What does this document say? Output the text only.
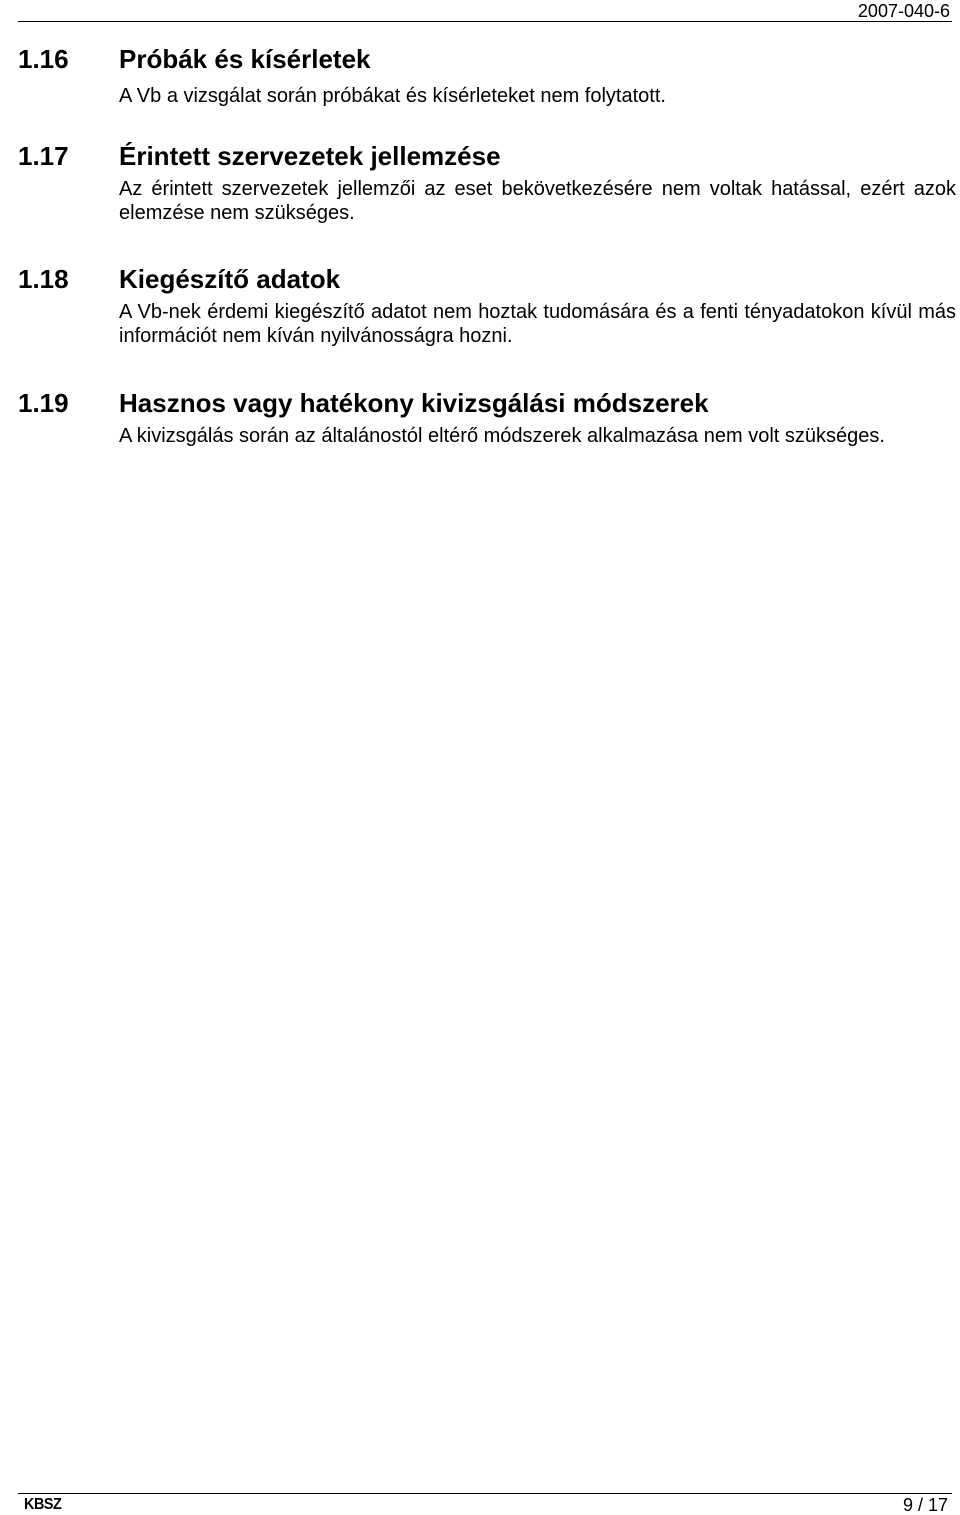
2007-040-6
1.16	Próbák és kísérletek

A Vb a vizsgálat során próbákat és kísérleteket nem folytatott.

1.17	Érintett szervezetek jellemzése

Az érintett szervezetek jellemzői az eset bekövetkezésére nem voltak hatással, ezért azok elemzése nem szükséges.

1.18	Kiegészítő adatok

A Vb-nek érdemi kiegészítő adatot nem hoztak tudomására és a fenti tényadatokon kívül más információt nem kíván nyilvánosságra hozni.

1.19	Hasznos vagy hatékony kivizsgálási módszerek

A kivizsgálás során az általánostól eltérő módszerek alkalmazása nem volt szükséges.

KBSZ	9 / 17
